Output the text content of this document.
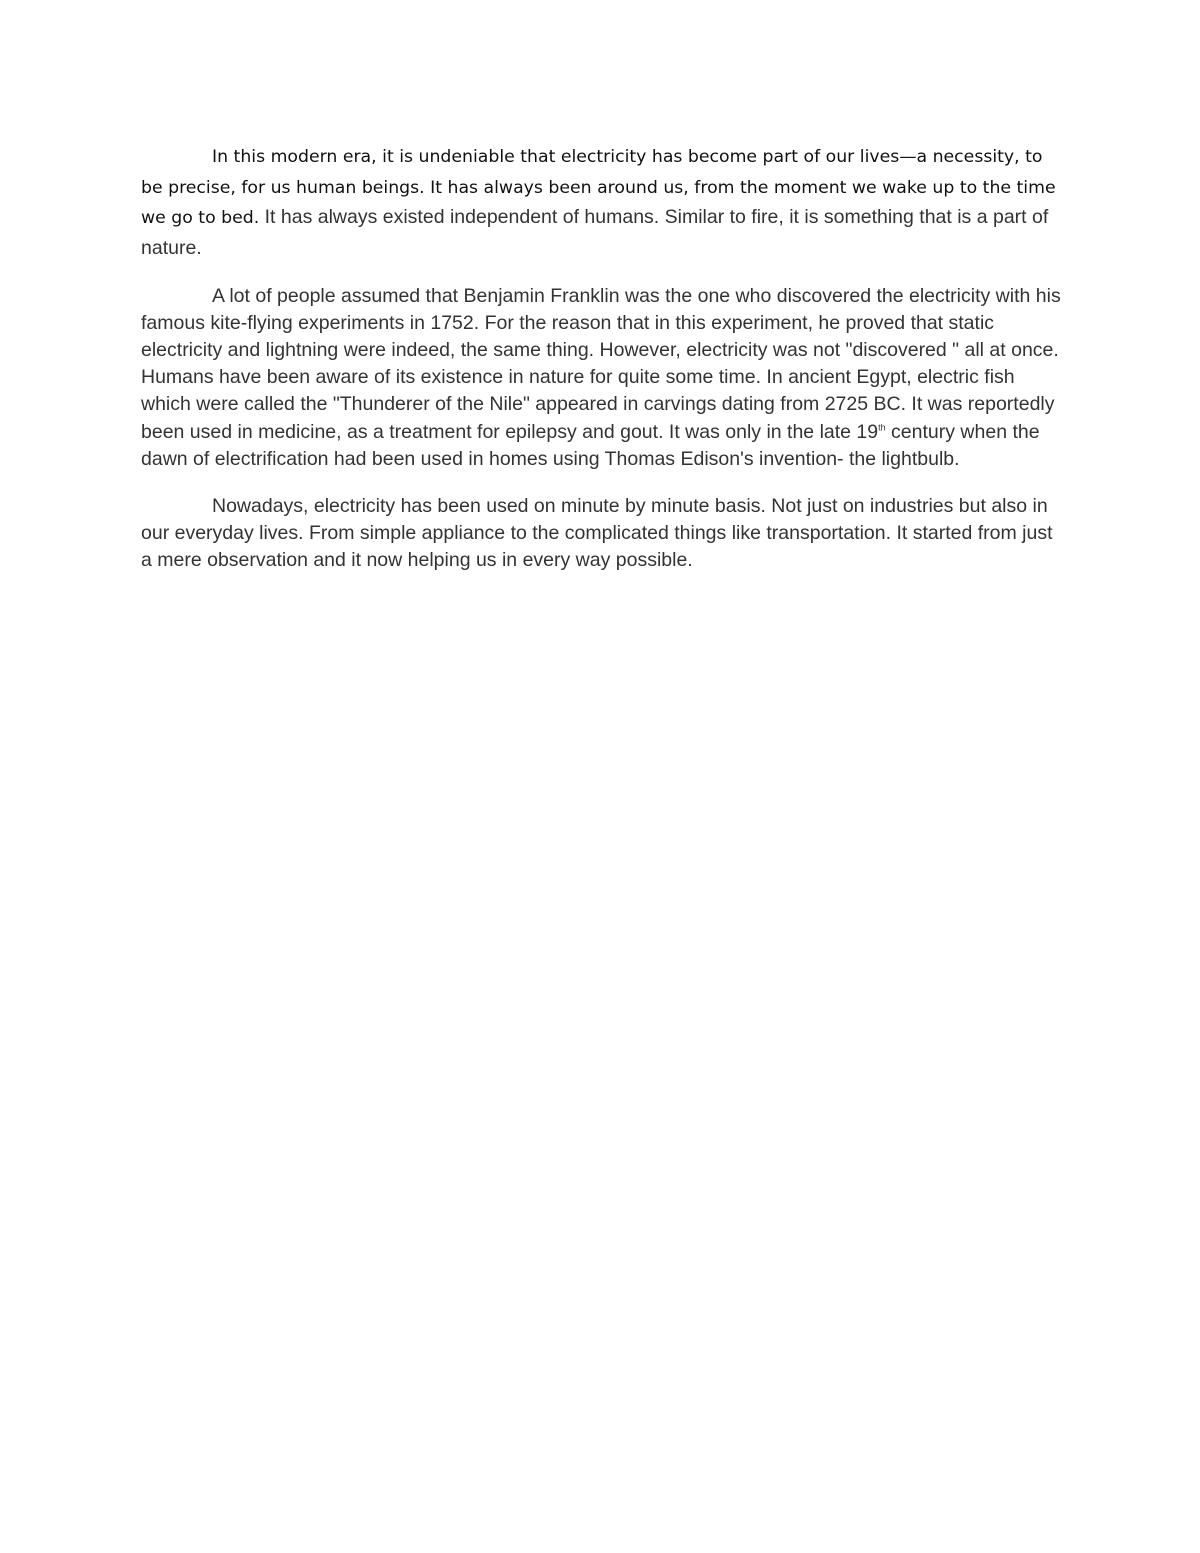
In this modern era, it is undeniable that electricity has become part of our lives—a necessity, to be precise, for us human beings. It has always been around us, from the moment we wake up to the time we go to bed. It has always existed independent of humans. Similar to fire, it is something that is a part of nature.

A lot of people assumed that Benjamin Franklin was the one who discovered the electricity with his famous kite-flying experiments in 1752. For the reason that in this experiment, he proved that static electricity and lightning were indeed, the same thing. However, electricity was not "discovered " all at once. Humans have been aware of its existence in nature for quite some time. In ancient Egypt, electric fish which were called the "Thunderer of the Nile" appeared in carvings dating from 2725 BC. It was reportedly been used in medicine, as a treatment for epilepsy and gout. It was only in the late 19th century when the dawn of electrification had been used in homes using Thomas Edison's invention- the lightbulb.

Nowadays, electricity has been used on minute by minute basis. Not just on industries but also in our everyday lives. From simple appliance to the complicated things like transportation. It started from just a mere observation and it now helping us in every way possible.
